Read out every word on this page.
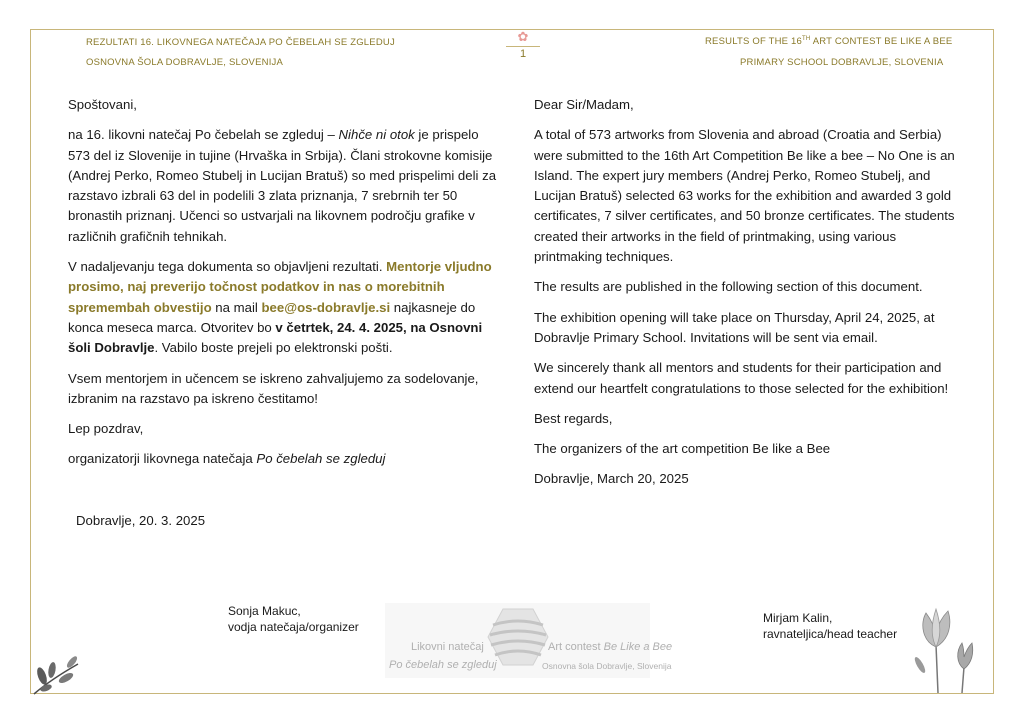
REZULTATI 16. LIKOVNEGA NATEČAJA PO ČEBELAH SE ZGLEDUJ
OSNOVNA ŠOLA DOBRAVLJE, SLOVENIJA
RESULTS OF THE 16TH ART CONTEST BE LIKE A BEE
PRIMARY SCHOOL DOBRAVLJE, SLOVENIA
✿
1

Spoštovani,

na 16. likovni natečaj Po čebelah se zgleduj – Nihče ni otok je prispelo 573 del iz Slovenije in tujine (Hrvaška in Srbija). Člani strokovne komisije (Andrej Perko, Romeo Stubelj in Lucijan Bratuš) so med prispelimi deli za razstavo izbrali 63 del in podelili 3 zlata priznanja, 7 srebrnih ter 50 bronastih priznanj. Učenci so ustvarjali na likovnem področju grafike v različnih grafičnih tehnikah.

V nadaljevanju tega dokumenta so objavljeni rezultati. Mentorje vljudno prosimo, naj preverijo točnost podatkov in nas o morebitnih spremembah obvestijo na mail bee@os-dobravlje.si najkasneje do konca meseca marca. Otvoritev bo v četrtek, 24. 4. 2025, na Osnovni šoli Dobravlje. Vabilo boste prejeli po elektronski pošti.

Vsem mentorjem in učencem se iskreno zahvaljujemo za sodelovanje, izbranim na razstavo pa iskreno čestitamo!

Lep pozdrav,

organizatorji likovnega natečaja Po čebelah se zgleduj

Dobravlje, 20. 3. 2025

Dear Sir/Madam,

A total of 573 artworks from Slovenia and abroad (Croatia and Serbia) were submitted to the 16th Art Competition Be like a bee – No One is an Island. The expert jury members (Andrej Perko, Romeo Stubelj, and Lucijan Bratuš) selected 63 works for the exhibition and awarded 3 gold certificates, 7 silver certificates, and 50 bronze certificates. The students created their artworks in the field of printmaking, using various printmaking techniques.

The results are published in the following section of this document.

The exhibition opening will take place on Thursday, April 24, 2025, at Dobravlje Primary School. Invitations will be sent via email.

We sincerely thank all mentors and students for their participation and extend our heartfelt congratulations to those selected for the exhibition!

Best regards,

The organizers of the art competition Be like a Bee

Dobravlje, March 20, 2025

Sonja Makuc,
vodja natečaja/organizer
Mirjam Kalin,
ravnateljica/head teacher
Likovni natečaj
Po čebelah se zgleduj
Art contest Be Like a Bee
Osnovna šola Dobravlje, Slovenija
